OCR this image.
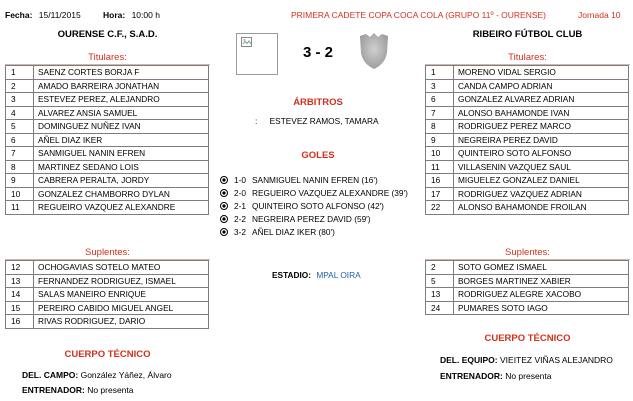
Fecha: 15/11/2015	Hora: 10:00 h	PRIMERA CADETE COPA COCA COLA (GRUPO 11º - OURENSE)	Jornada 10
OURENSE C.F., S.A.D.	RIBEIRO FÚTBOL CLUB
3 - 2
Titulares:
1	SAENZ CORTES BORJA F
2	AMADO BARREIRA JONATHAN
3	ESTEVEZ PEREZ, ALEJANDRO
4	ALVAREZ ANSIA SAMUEL
5	DOMINGUEZ NUÑEZ IVAN
6	AÑEL DIAZ IKER
7	SANMIGUEL NANIN EFREN
8	MARTINEZ SEDANO LOIS
9	CABRERA PERALTA, JORDY
10	GONZALEZ CHAMBORRO DYLAN
11	REGUEIRO VAZQUEZ ALEXANDRE
Titulares:
1	MORENO VIDAL SERGIO
3	CANDA CAMPO ADRIAN
6	GONZALEZ ALVAREZ ADRIAN
7	ALONSO BAHAMONDE IVAN
8	RODRIGUEZ PEREZ MARCO
9	NEGREIRA PEREZ DAVID
10	QUINTEIRO SOTO ALFONSO
11	VILLASENIN VAZQUEZ SAUL
16	MIGUELEZ GONZALEZ DANIEL
17	RODRIGUEZ VAZQUEZ ADRIAN
22	ALONSO BAHAMONDE FROILAN
ÁRBITROS
: ESTEVEZ RAMOS, TAMARA
GOLES
1-0 SANMIGUEL NANIN EFREN (16')
2-0 REGUEIRO VAZQUEZ ALEXANDRE (39')
2-1 QUINTEIRO SOTO ALFONSO (42')
2-2 NEGREIRA PEREZ DAVID (59')
3-2 AÑEL DIAZ IKER (80')
Suplentes:
12	OCHOGAVIAS SOTELO MATEO
13	FERNANDEZ RODRIGUEZ, ISMAEL
14	SALAS MANEIRO ENRIQUE
15	PEREIRO CABIDO MIGUEL ANGEL
16	RIVAS RODRIGUEZ, DARIO
Suplentes:
2	SOTO GOMEZ ISMAEL
5	BORGES MARTINEZ XABIER
13	RODRIGUEZ ALEGRE XACOBO
24	PUMARES SOTO IAGO
ESTADIO: MPAL OIRA
CUERPO TÉCNICO
DEL. CAMPO: González Yáñez, Álvaro
ENTRENADOR: No presenta
CUERPO TÉCNICO
DEL. EQUIPO: VIEITEZ VIÑAS ALEJANDRO
ENTRENADOR: No presenta
